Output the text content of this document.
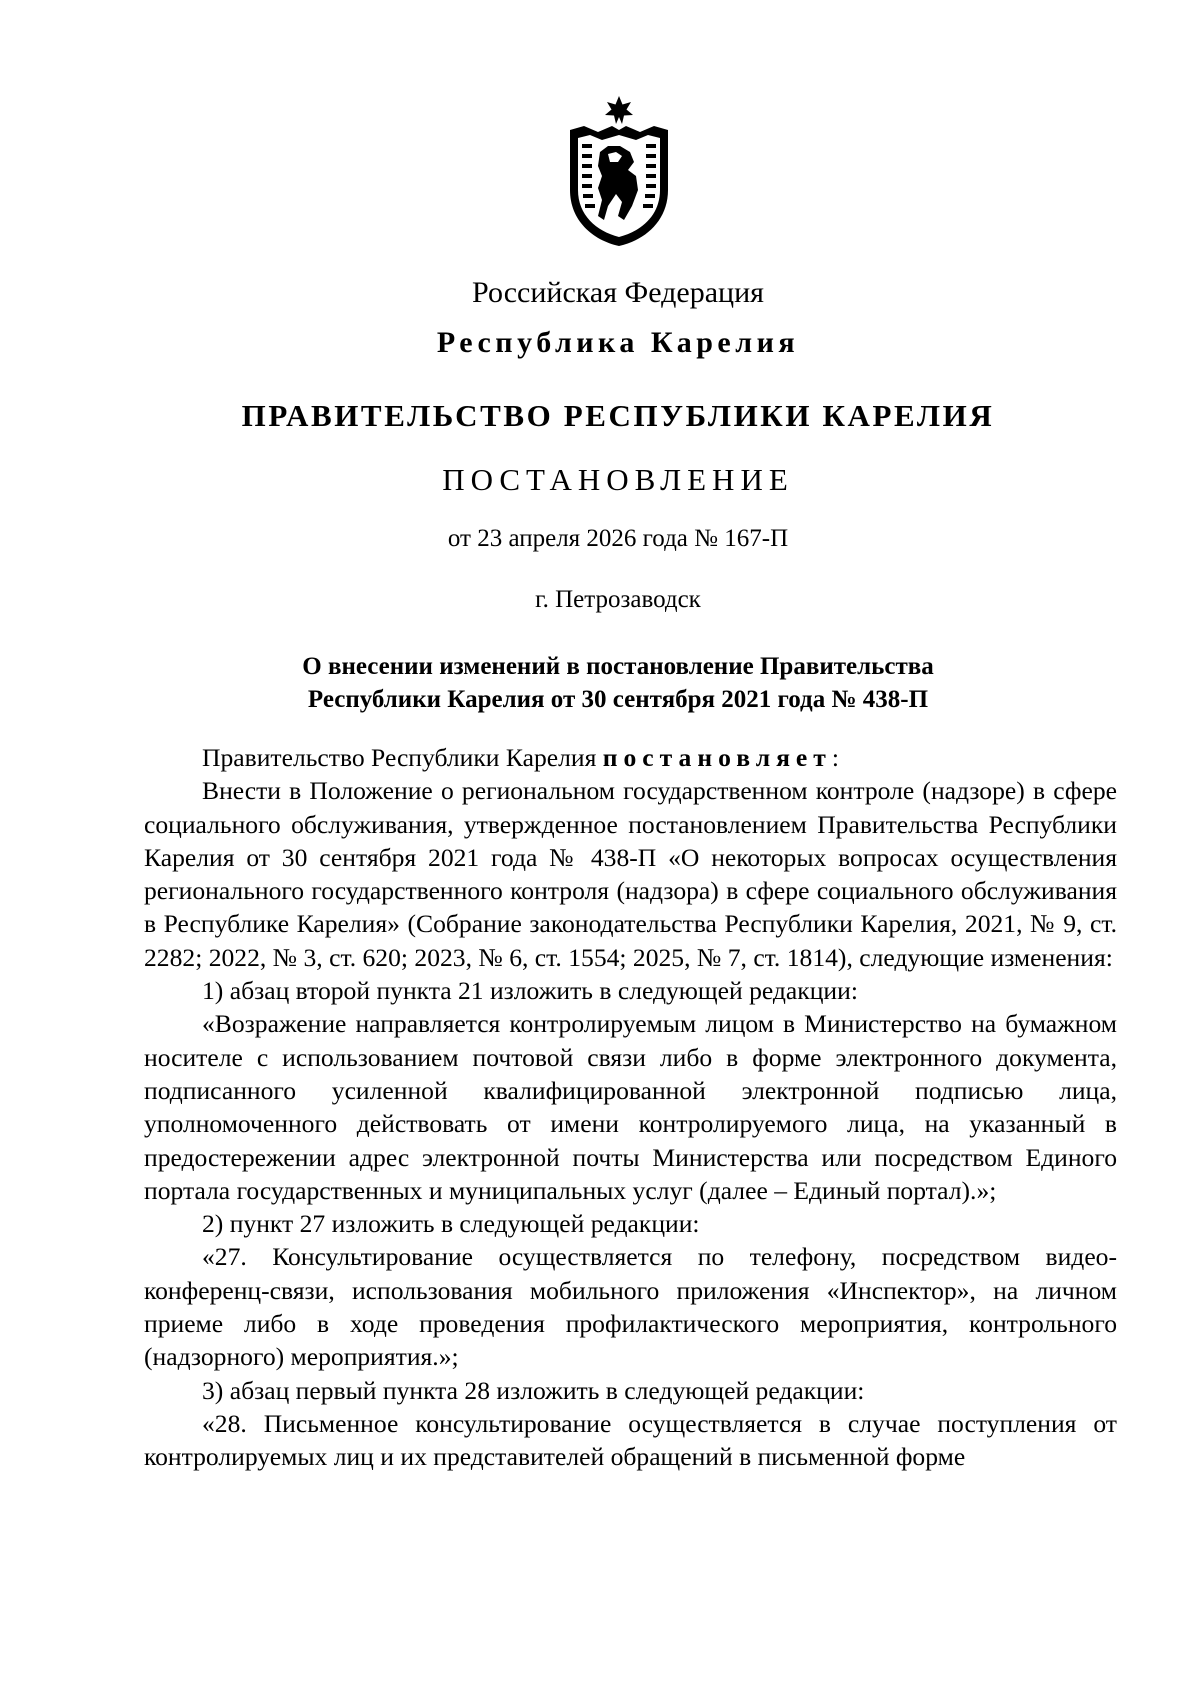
Российская Федерация
Республика Карелия
ПРАВИТЕЛЬСТВО РЕСПУБЛИКИ КАРЕЛИЯ
ПОСТАНОВЛЕНИЕ
от 23 апреля 2026 года № 167-П
г. Петрозаводск
О внесении изменений в постановление Правительства
Республики Карелия от 30 сентября 2021 года № 438-П

Правительство Республики Карелия постановляет:

Внести в Положение о региональном государственном контроле (надзоре) в сфере социального обслуживания, утвержденное постановлением Правительства Республики Карелия от 30 сентября 2021 года № 438-П «О некоторых вопросах осуществления регионального государственного контроля (надзора) в сфере социального обслуживания в Республике Карелия» (Собрание законодательства Республики Карелия, 2021, № 9, ст. 2282; 2022, № 3, ст. 620; 2023, № 6, ст. 1554; 2025, № 7, ст. 1814), следующие изменения:

1) абзац второй пункта 21 изложить в следующей редакции:

«Возражение направляется контролируемым лицом в Министерство на бумажном носителе с использованием почтовой связи либо в форме электронного документа, подписанного усиленной квалифицированной электронной подписью лица, уполномоченного действовать от имени контролируемого лица, на указанный в предостережении адрес электронной почты Министерства или посредством Единого портала государственных и муниципальных услуг (далее – Единый портал).»;

2) пункт 27 изложить в следующей редакции:

«27. Консультирование осуществляется по телефону, посредством видео-конференц-связи, использования мобильного приложения «Инспектор», на личном приеме либо в ходе проведения профилактического мероприятия, контрольного (надзорного) мероприятия.»;

3) абзац первый пункта 28 изложить в следующей редакции:

«28. Письменное консультирование осуществляется в случае поступления от контролируемых лиц и их представителей обращений в письменной форме
